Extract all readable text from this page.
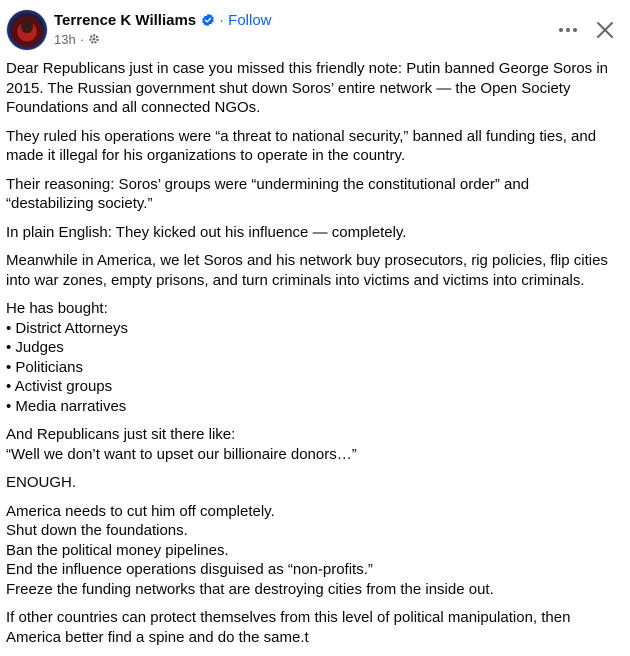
Terrence K Williams · Follow
13h ·

Dear Republicans just in case you missed this friendly note: Putin banned George Soros in
2015. The Russian government shut down Soros’ entire network — the Open Society
Foundations and all connected NGOs.

They ruled his operations were “a threat to national security,” banned all funding ties, and
made it illegal for his organizations to operate in the country.

Their reasoning: Soros’ groups were “undermining the constitutional order” and
“destabilizing society.”

In plain English: They kicked out his influence — completely.

Meanwhile in America, we let Soros and his network buy prosecutors, rig policies, flip cities
into war zones, empty prisons, and turn criminals into victims and victims into criminals.

He has bought:
• District Attorneys
• Judges
• Politicians
• Activist groups
• Media narratives

And Republicans just sit there like:
“Well we don’t want to upset our billionaire donors…”

ENOUGH.

America needs to cut him off completely.
Shut down the foundations.
Ban the political money pipelines.
End the influence operations disguised as “non-profits.”
Freeze the funding networks that are destroying cities from the inside out.

If other countries can protect themselves from this level of political manipulation, then
America better find a spine and do the same.t
